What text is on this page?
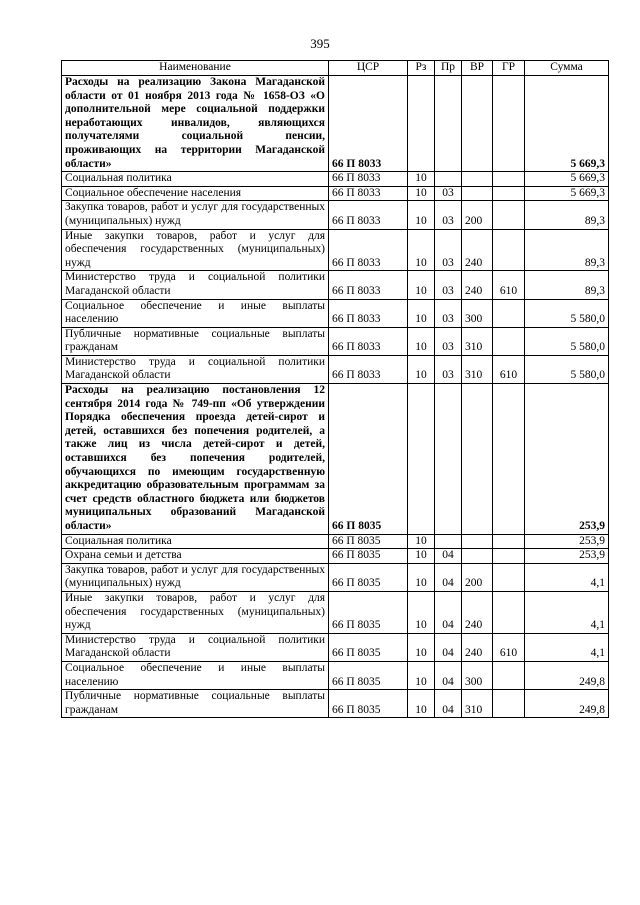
395
Наименование	ЦСР	Рз	Пр	ВР	ГР	Сумма
Расходы на реализацию Закона Магаданской области от 01 ноября 2013 года № 1658-ОЗ «О дополнительной мере социальной поддержки неработающих инвалидов, являющихся получателями социальной пенсии, проживающих на территории Магаданской области»	66 П 8033					5 669,3
Социальная политика	66 П 8033	10				5 669,3
Социальное обеспечение населения	66 П 8033	10	03			5 669,3
Закупка товаров, работ и услуг для государственных (муниципальных) нужд	66 П 8033	10	03	200		89,3
Иные закупки товаров, работ и услуг для обеспечения государственных (муниципальных) нужд	66 П 8033	10	03	240		89,3
Министерство труда и социальной политики Магаданской области	66 П 8033	10	03	240	610	89,3
Социальное обеспечение и иные выплаты населению	66 П 8033	10	03	300		5 580,0
Публичные нормативные социальные выплаты гражданам	66 П 8033	10	03	310		5 580,0
Министерство труда и социальной политики Магаданской области	66 П 8033	10	03	310	610	5 580,0
Расходы на реализацию постановления 12 сентября 2014 года № 749-пп «Об утверждении Порядка обеспечения проезда детей-сирот и детей, оставшихся без попечения родителей, а также лиц из числа детей-сирот и детей, оставшихся без попечения родителей, обучающихся по имеющим государственную аккредитацию образовательным программам за счет средств областного бюджета или бюджетов муниципальных образований Магаданской области»	66 П 8035					253,9
Социальная политика	66 П 8035	10				253,9
Охрана семьи и детства	66 П 8035	10	04			253,9
Закупка товаров, работ и услуг для государственных (муниципальных) нужд	66 П 8035	10	04	200		4,1
Иные закупки товаров, работ и услуг для обеспечения государственных (муниципальных) нужд	66 П 8035	10	04	240		4,1
Министерство труда и социальной политики Магаданской области	66 П 8035	10	04	240	610	4,1
Социальное обеспечение и иные выплаты населению	66 П 8035	10	04	300		249,8
Публичные нормативные социальные выплаты гражданам	66 П 8035	10	04	310		249,8
